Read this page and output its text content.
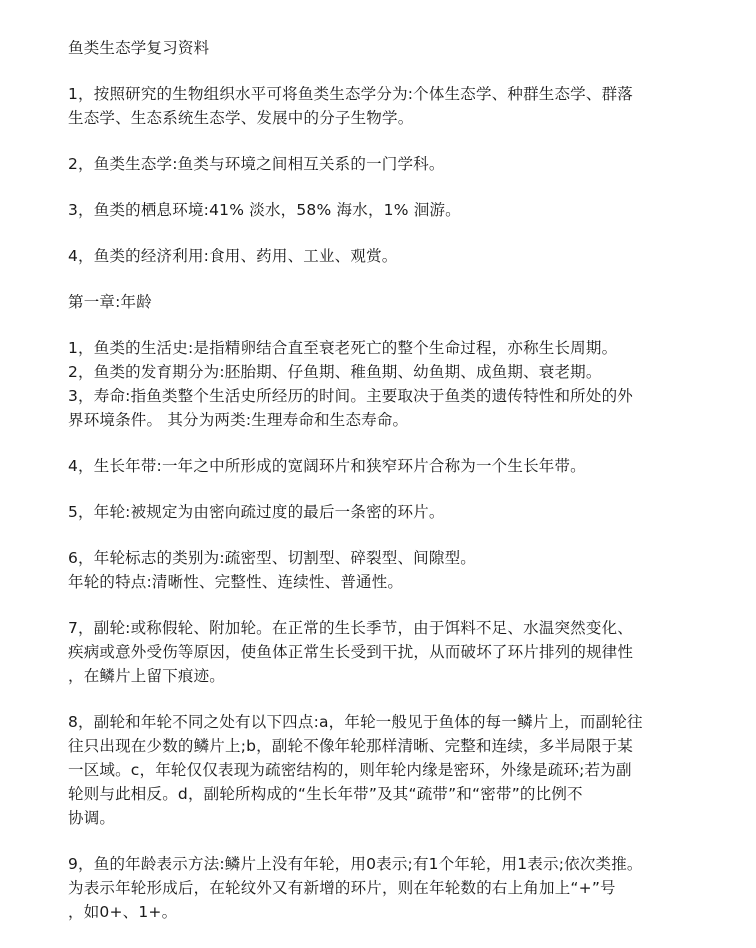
鱼类生态学复习资料
1，按照研究的生物组织水平可将鱼类生态学分为:个体生态学、种群生态学、群落
生态学、生态系统生态学、发展中的分子生物学。
2，鱼类生态学:鱼类与环境之间相互关系的一门学科。
3，鱼类的栖息环境:41% 淡水，58% 海水，1% 洄游。
4，鱼类的经济利用:食用、药用、工业、观赏。
第一章:年龄
1，鱼类的生活史:是指精卵结合直至衰老死亡的整个生命过程，亦称生长周期。
2，鱼类的发育期分为:胚胎期、仔鱼期、稚鱼期、幼鱼期、成鱼期、衰老期。
3，寿命:指鱼类整个生活史所经历的时间。主要取决于鱼类的遗传特性和所处的外
界环境条件。 其分为两类:生理寿命和生态寿命。
4，生长年带:一年之中所形成的宽阔环片和狭窄环片合称为一个生长年带。
5，年轮:被规定为由密向疏过度的最后一条密的环片。
6，年轮标志的类别为:疏密型、切割型、碎裂型、间隙型。
年轮的特点:清晰性、完整性、连续性、普通性。
7，副轮:或称假轮、附加轮。在正常的生长季节，由于饵料不足、水温突然变化、
疾病或意外受伤等原因，使鱼体正常生长受到干扰，从而破坏了环片排列的规律性
，在鳞片上留下痕迹。
8，副轮和年轮不同之处有以下四点:a，年轮一般见于鱼体的每一鳞片上，而副轮往
往只出现在少数的鳞片上;b，副轮不像年轮那样清晰、完整和连续，多半局限于某
一区域。c，年轮仅仅表现为疏密结构的，则年轮内缘是密环，外缘是疏环;若为副
轮则与此相反。d，副轮所构成的“生长年带”及其“疏带”和“密带”的比例不
协调。
9，鱼的年龄表示方法:鳞片上没有年轮，用0表示;有1个年轮，用1表示;依次类推。
为表示年轮形成后，在轮纹外又有新增的环片，则在年轮数的右上角加上“+”号
，如0+、1+。
